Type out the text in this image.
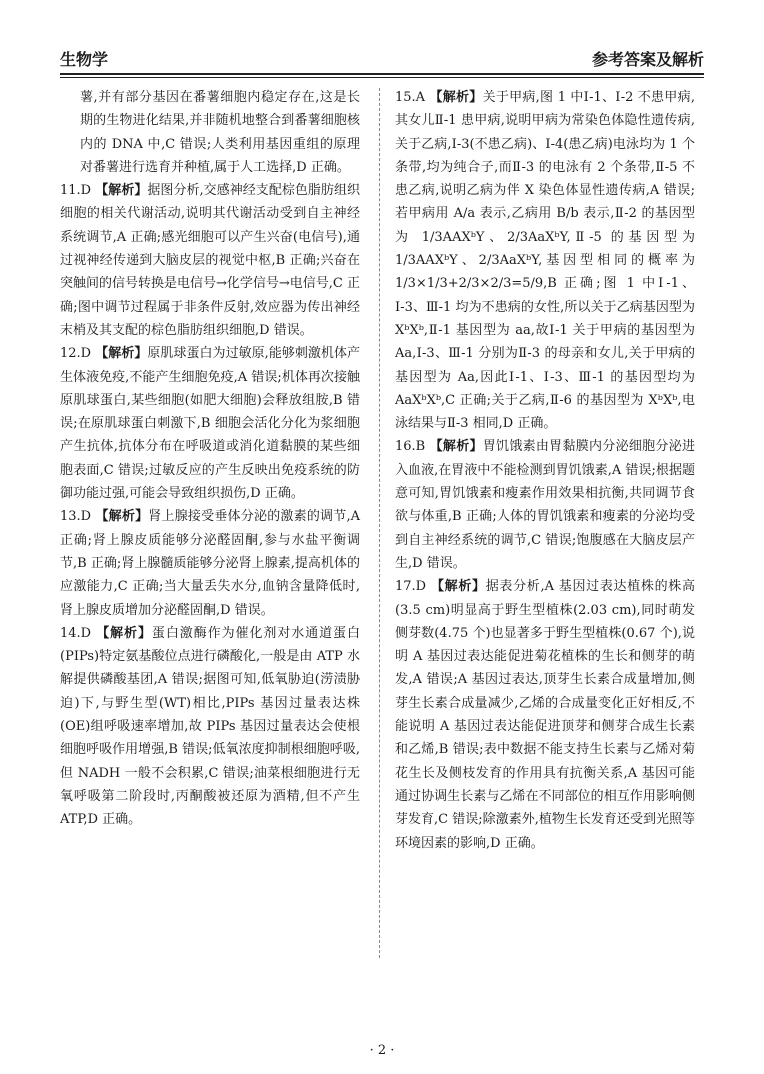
生物学	参考答案及解析

薯,并有部分基因在番薯细胞内稳定存在,这是长期的生物进化结果,并非随机地整合到番薯细胞核内的 DNA 中,C 错误;人类利用基因重组的原理对番薯进行选育并种植,属于人工选择,D 正确。

11.D 【解析】据图分析,交感神经支配棕色脂肪组织细胞的相关代谢活动,说明其代谢活动受到自主神经系统调节,A 正确;感光细胞可以产生兴奋(电信号),通过视神经传递到大脑皮层的视觉中枢,B 正确;兴奋在突触间的信号转换是电信号→化学信号→电信号,C 正确;图中调节过程属于非条件反射,效应器为传出神经末梢及其支配的棕色脂肪组织细胞,D 错误。

12.D 【解析】原肌球蛋白为过敏原,能够刺激机体产生体液免疫,不能产生细胞免疫,A 错误;机体再次接触原肌球蛋白,某些细胞(如肥大细胞)会释放组胺,B 错误;在原肌球蛋白刺激下,B 细胞会活化分化为浆细胞产生抗体,抗体分布在呼吸道或消化道黏膜的某些细胞表面,C 错误;过敏反应的产生反映出免疫系统的防御功能过强,可能会导致组织损伤,D 正确。

13.D 【解析】肾上腺接受垂体分泌的激素的调节,A 正确;肾上腺皮质能够分泌醛固酮,参与水盐平衡调节,B 正确;肾上腺髓质能够分泌肾上腺素,提高机体的应激能力,C 正确;当大量丢失水分,血钠含量降低时,肾上腺皮质增加分泌醛固酮,D 错误。

14.D 【解析】蛋白激酶作为催化剂对水通道蛋白(PIPs)特定氨基酸位点进行磷酸化,一般是由 ATP 水解提供磷酸基团,A 错误;据图可知,低氧胁迫(涝渍胁迫)下,与野生型(WT)相比,PIPs 基因过量表达株(OE)组呼吸速率增加,故 PIPs 基因过量表达会使根细胞呼吸作用增强,B 错误;低氧浓度抑制根细胞呼吸,但 NADH 一般不会积累,C 错误;油菜根细胞进行无氧呼吸第二阶段时,丙酮酸被还原为酒精,但不产生 ATP,D 正确。

15.A 【解析】关于甲病,图 1 中Ⅰ-1、Ⅰ-2 不患甲病,其女儿Ⅱ-1 患甲病,说明甲病为常染色体隐性遗传病,关于乙病,Ⅰ-3(不患乙病)、Ⅰ-4(患乙病)电泳均为 1 个条带,均为纯合子,而Ⅱ-3 的电泳有 2 个条带,Ⅱ-5 不患乙病,说明乙病为伴 X 染色体显性遗传病,A 错误;若甲病用 A/a 表示,乙病用 B/b 表示,Ⅱ-2 的基因型为 1/3AAXᵇY、2/3AaXᵇY,Ⅱ-5 的基因型为 1/3AAXᵇY、2/3AaXᵇY,基因型相同的概率为 1/3×1/3+2/3×2/3=5/9,B 正确;图 1 中Ⅰ-1、Ⅰ-3、Ⅲ-1 均为不患病的女性,所以关于乙病基因型为 XᵇXᵇ,Ⅱ-1 基因型为 aa,故Ⅰ-1 关于甲病的基因型为 Aa,Ⅰ-3、Ⅲ-1 分别为Ⅱ-3 的母亲和女儿,关于甲病的基因型为 Aa,因此Ⅰ-1、Ⅰ-3、Ⅲ-1 的基因型均为 AaXᵇXᵇ,C 正确;关于乙病,Ⅱ-6 的基因型为 XᵇXᵇ,电泳结果与Ⅱ-3 相同,D 正确。

16.B 【解析】胃饥饿素由胃黏膜内分泌细胞分泌进入血液,在胃液中不能检测到胃饥饿素,A 错误;根据题意可知,胃饥饿素和瘦素作用效果相抗衡,共同调节食欲与体重,B 正确;人体的胃饥饿素和瘦素的分泌均受到自主神经系统的调节,C 错误;饱腹感在大脑皮层产生,D 错误。

17.D 【解析】据表分析,A 基因过表达植株的株高(3.5 cm)明显高于野生型植株(2.03 cm),同时萌发侧芽数(4.75 个)也显著多于野生型植株(0.67 个),说明 A 基因过表达能促进菊花植株的生长和侧芽的萌发,A 错误;A 基因过表达,顶芽生长素合成量增加,侧芽生长素合成量减少,乙烯的合成量变化正好相反,不能说明 A 基因过表达能促进顶芽和侧芽合成生长素和乙烯,B 错误;表中数据不能支持生长素与乙烯对菊花生长及侧枝发育的作用具有抗衡关系,A 基因可能通过协调生长素与乙烯在不同部位的相互作用影响侧芽发育,C 错误;除激素外,植物生长发育还受到光照等环境因素的影响,D 正确。

· 2 ·
